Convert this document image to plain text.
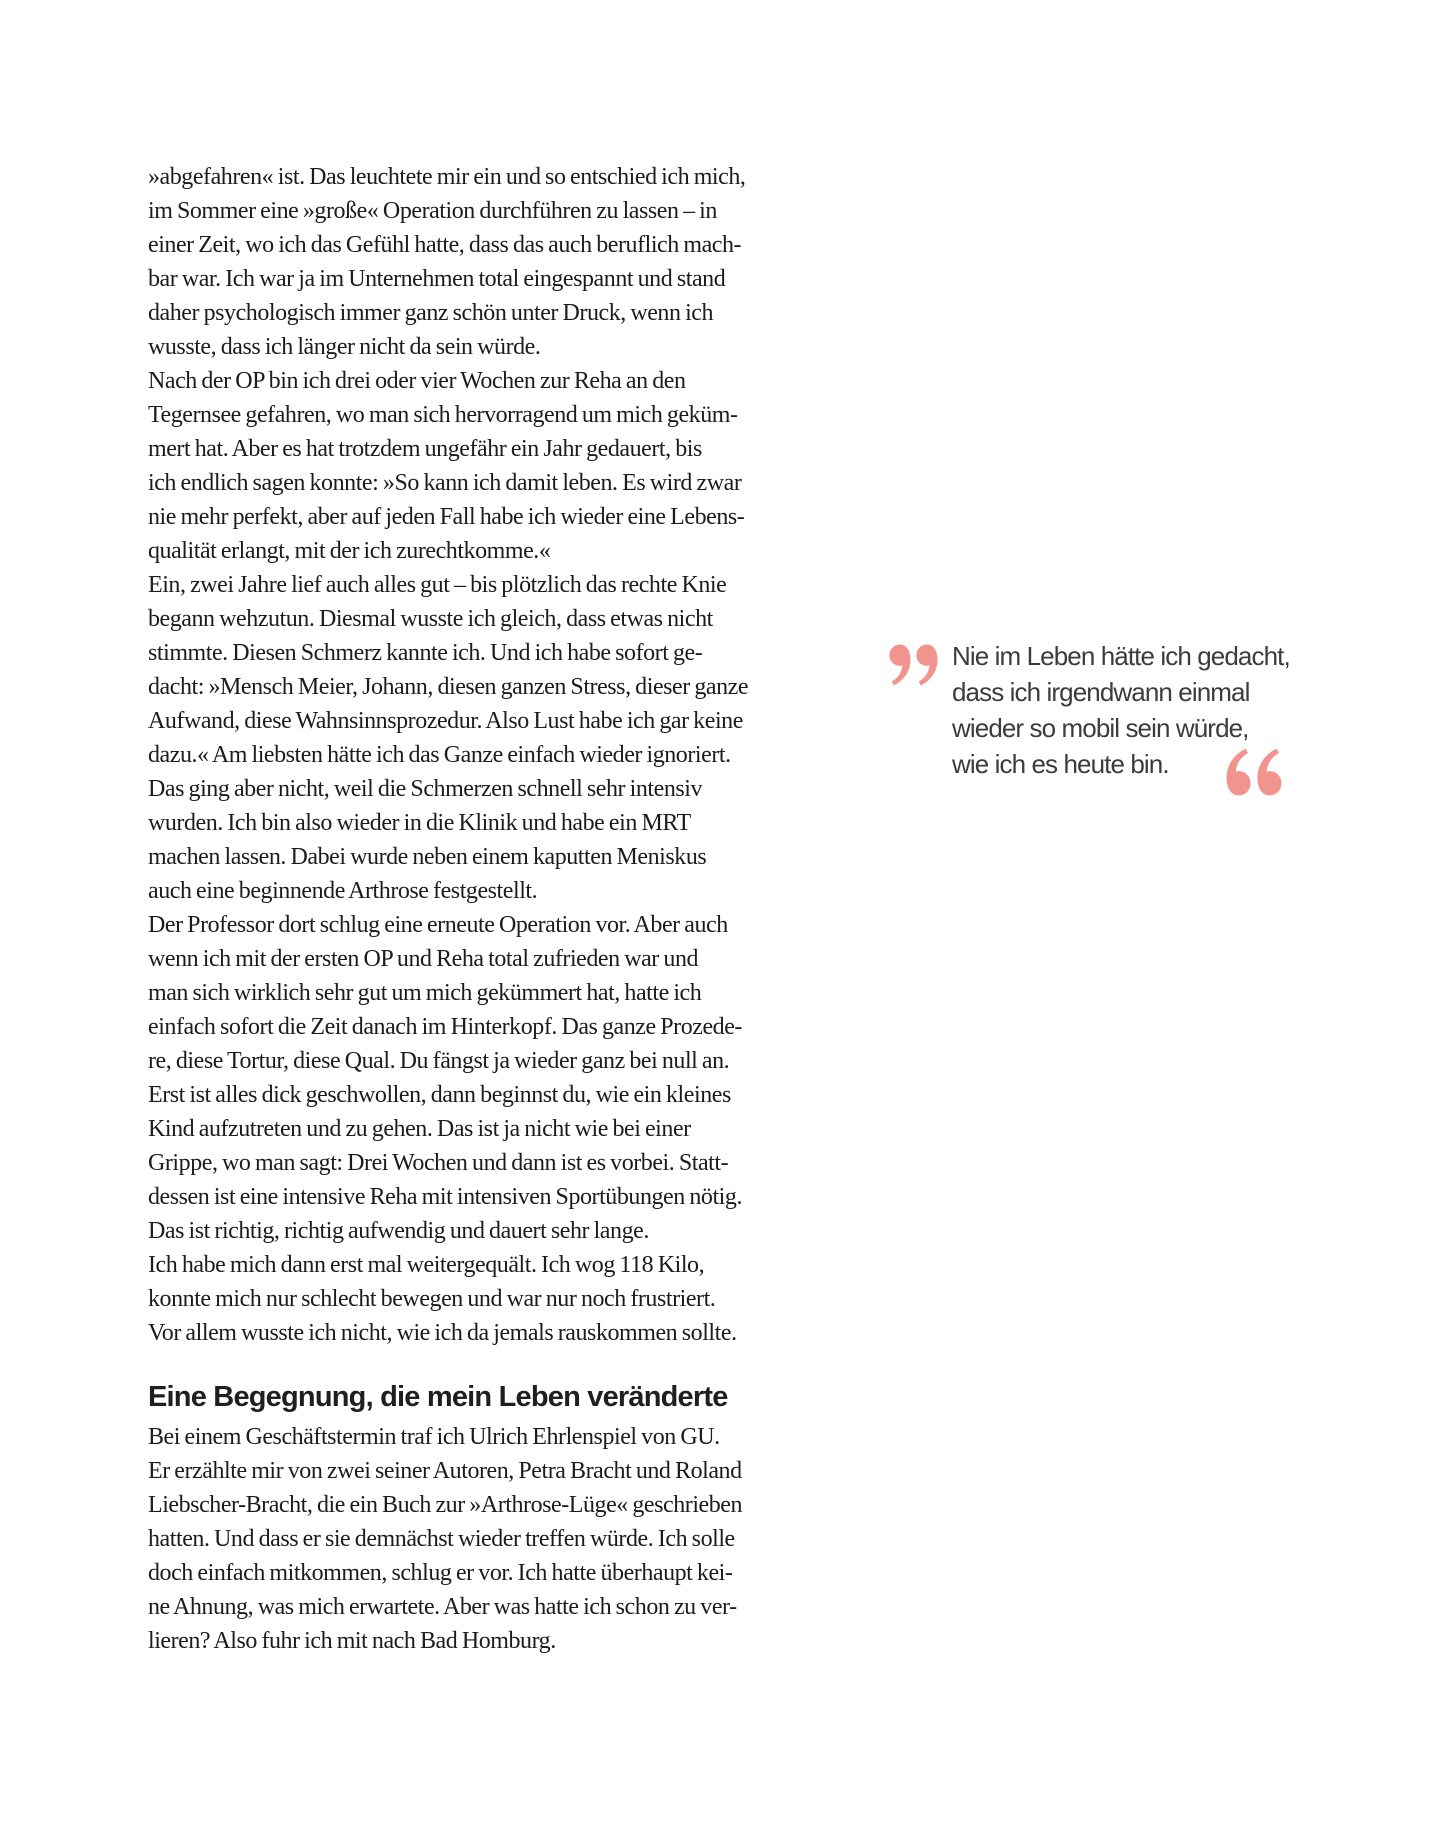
»abgefahren« ist. Das leuchtete mir ein und so entschied ich mich,
im Sommer eine »große« Operation durchführen zu lassen – in
einer Zeit, wo ich das Gefühl hatte, dass das auch beruflich mach-
bar war. Ich war ja im Unternehmen total eingespannt und stand
daher psychologisch immer ganz schön unter Druck, wenn ich
wusste, dass ich länger nicht da sein würde.
Nach der OP bin ich drei oder vier Wochen zur Reha an den
Tegernsee gefahren, wo man sich hervorragend um mich geküm-
mert hat. Aber es hat trotzdem ungefähr ein Jahr gedauert, bis
ich endlich sagen konnte: »So kann ich damit leben. Es wird zwar
nie mehr perfekt, aber auf jeden Fall habe ich wieder eine Lebens-
qualität erlangt, mit der ich zurechtkomme.«
Ein, zwei Jahre lief auch alles gut – bis plötzlich das rechte Knie
begann wehzutun. Diesmal wusste ich gleich, dass etwas nicht
stimmte. Diesen Schmerz kannte ich. Und ich habe sofort ge-
dacht: »Mensch Meier, Johann, diesen ganzen Stress, dieser ganze
Aufwand, diese Wahnsinnsprozedur. Also Lust habe ich gar keine
dazu.« Am liebsten hätte ich das Ganze einfach wieder ignoriert.
Das ging aber nicht, weil die Schmerzen schnell sehr intensiv
wurden. Ich bin also wieder in die Klinik und habe ein MRT
machen lassen. Dabei wurde neben einem kaputten Meniskus
auch eine beginnende Arthrose festgestellt.
Der Professor dort schlug eine erneute Operation vor. Aber auch
wenn ich mit der ersten OP und Reha total zufrieden war und
man sich wirklich sehr gut um mich gekümmert hat, hatte ich
einfach sofort die Zeit danach im Hinterkopf. Das ganze Prozede-
re, diese Tortur, diese Qual. Du fängst ja wieder ganz bei null an.
Erst ist alles dick geschwollen, dann beginnst du, wie ein kleines
Kind aufzutreten und zu gehen. Das ist ja nicht wie bei einer
Grippe, wo man sagt: Drei Wochen und dann ist es vorbei. Statt-
dessen ist eine intensive Reha mit intensiven Sportübungen nötig.
Das ist richtig, richtig aufwendig und dauert sehr lange.
Ich habe mich dann erst mal weitergequält. Ich wog 118 Kilo,
konnte mich nur schlecht bewegen und war nur noch frustriert.
Vor allem wusste ich nicht, wie ich da jemals rauskommen sollte.
Eine Begegnung, die mein Leben veränderte
Bei einem Geschäftstermin traf ich Ulrich Ehrlenspiel von GU.
Er erzählte mir von zwei seiner Autoren, Petra Bracht und Roland
Liebscher-Bracht, die ein Buch zur »Arthrose-Lüge« geschrieben
hatten. Und dass er sie demnächst wieder treffen würde. Ich solle
doch einfach mitkommen, schlug er vor. Ich hatte überhaupt kei-
ne Ahnung, was mich erwartete. Aber was hatte ich schon zu ver-
lieren? Also fuhr ich mit nach Bad Homburg.
Nie im Leben hätte ich gedacht,
dass ich irgendwann einmal
wieder so mobil sein würde,
wie ich es heute bin.
